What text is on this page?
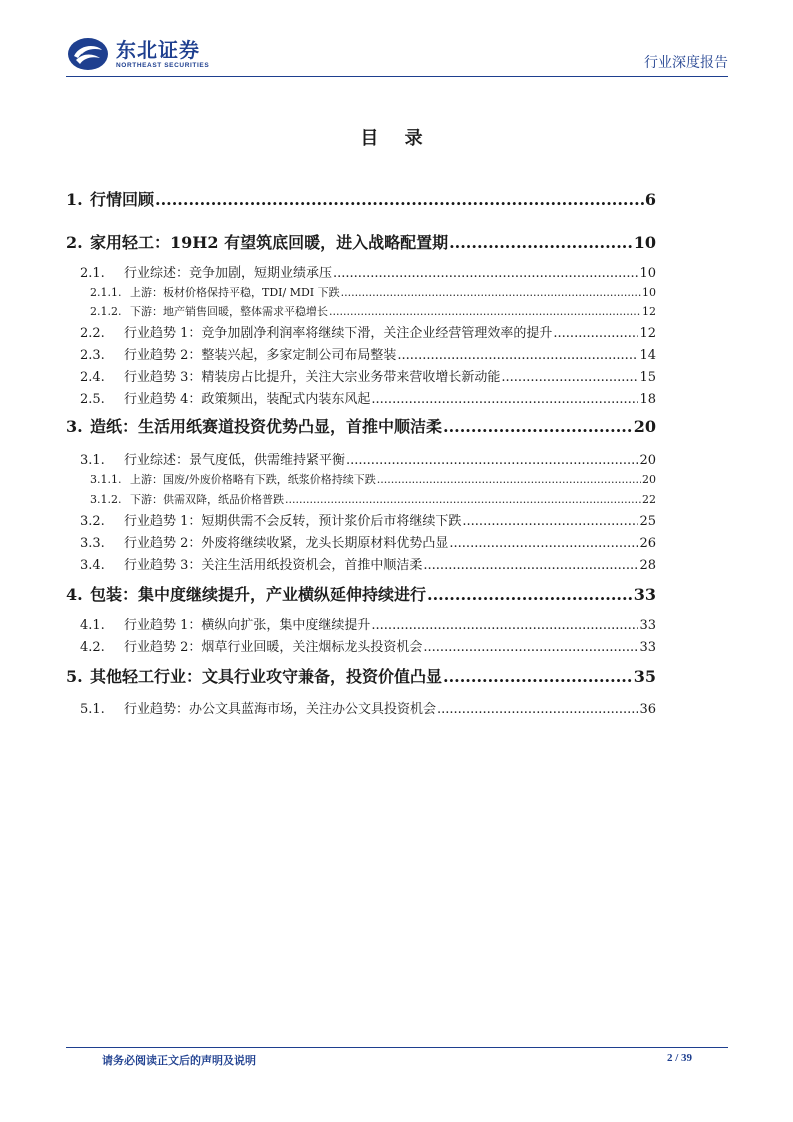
东北证券
NORTHEAST SECURITIES	行业深度报告
目 录
1. 行情回顾 .....	6
2. 家用轻工：19H2 有望筑底回暖，进入战略配置期 .....	10
2.1.	行业综述：竞争加剧，短期业绩承压 .....	10
2.1.1. 上游：板材价格保持平稳，TDI/ MDI 下跌 .....	10
2.1.2. 下游：地产销售回暖，整体需求平稳增长 .....	12
2.2.	行业趋势 1：竞争加剧净利润率将继续下滑，关注企业经营管理效率的提升 .....	12
2.3.	行业趋势 2：整装兴起，多家定制公司布局整装 .....	14
2.4.	行业趋势 3：精装房占比提升，关注大宗业务带来营收增长新动能 .....	15
2.5.	行业趋势 4：政策频出，装配式内装东风起 .....	18
3. 造纸：生活用纸赛道投资优势凸显，首推中顺洁柔 .....	20
3.1.	行业综述：景气度低，供需维持紧平衡 .....	20
3.1.1. 上游：国废/外废价格略有下跌，纸浆价格持续下跌 .....	20
3.1.2. 下游：供需双降，纸品价格普跌 .....	22
3.2.	行业趋势 1：短期供需不会反转，预计浆价后市将继续下跌 .....	25
3.3.	行业趋势 2：外废将继续收紧，龙头长期原材料优势凸显 .....	26
3.4.	行业趋势 3：关注生活用纸投资机会，首推中顺洁柔 .....	28
4. 包装：集中度继续提升，产业横纵延伸持续进行 .....	33
4.1.	行业趋势 1：横纵向扩张，集中度继续提升 .....	33
4.2.	行业趋势 2：烟草行业回暖，关注烟标龙头投资机会 .....	33
5. 其他轻工行业：文具行业攻守兼备，投资价值凸显 .....	35
5.1.	行业趋势：办公文具蓝海市场，关注办公文具投资机会 .....	36
请务必阅读正文后的声明及说明	2 / 39
